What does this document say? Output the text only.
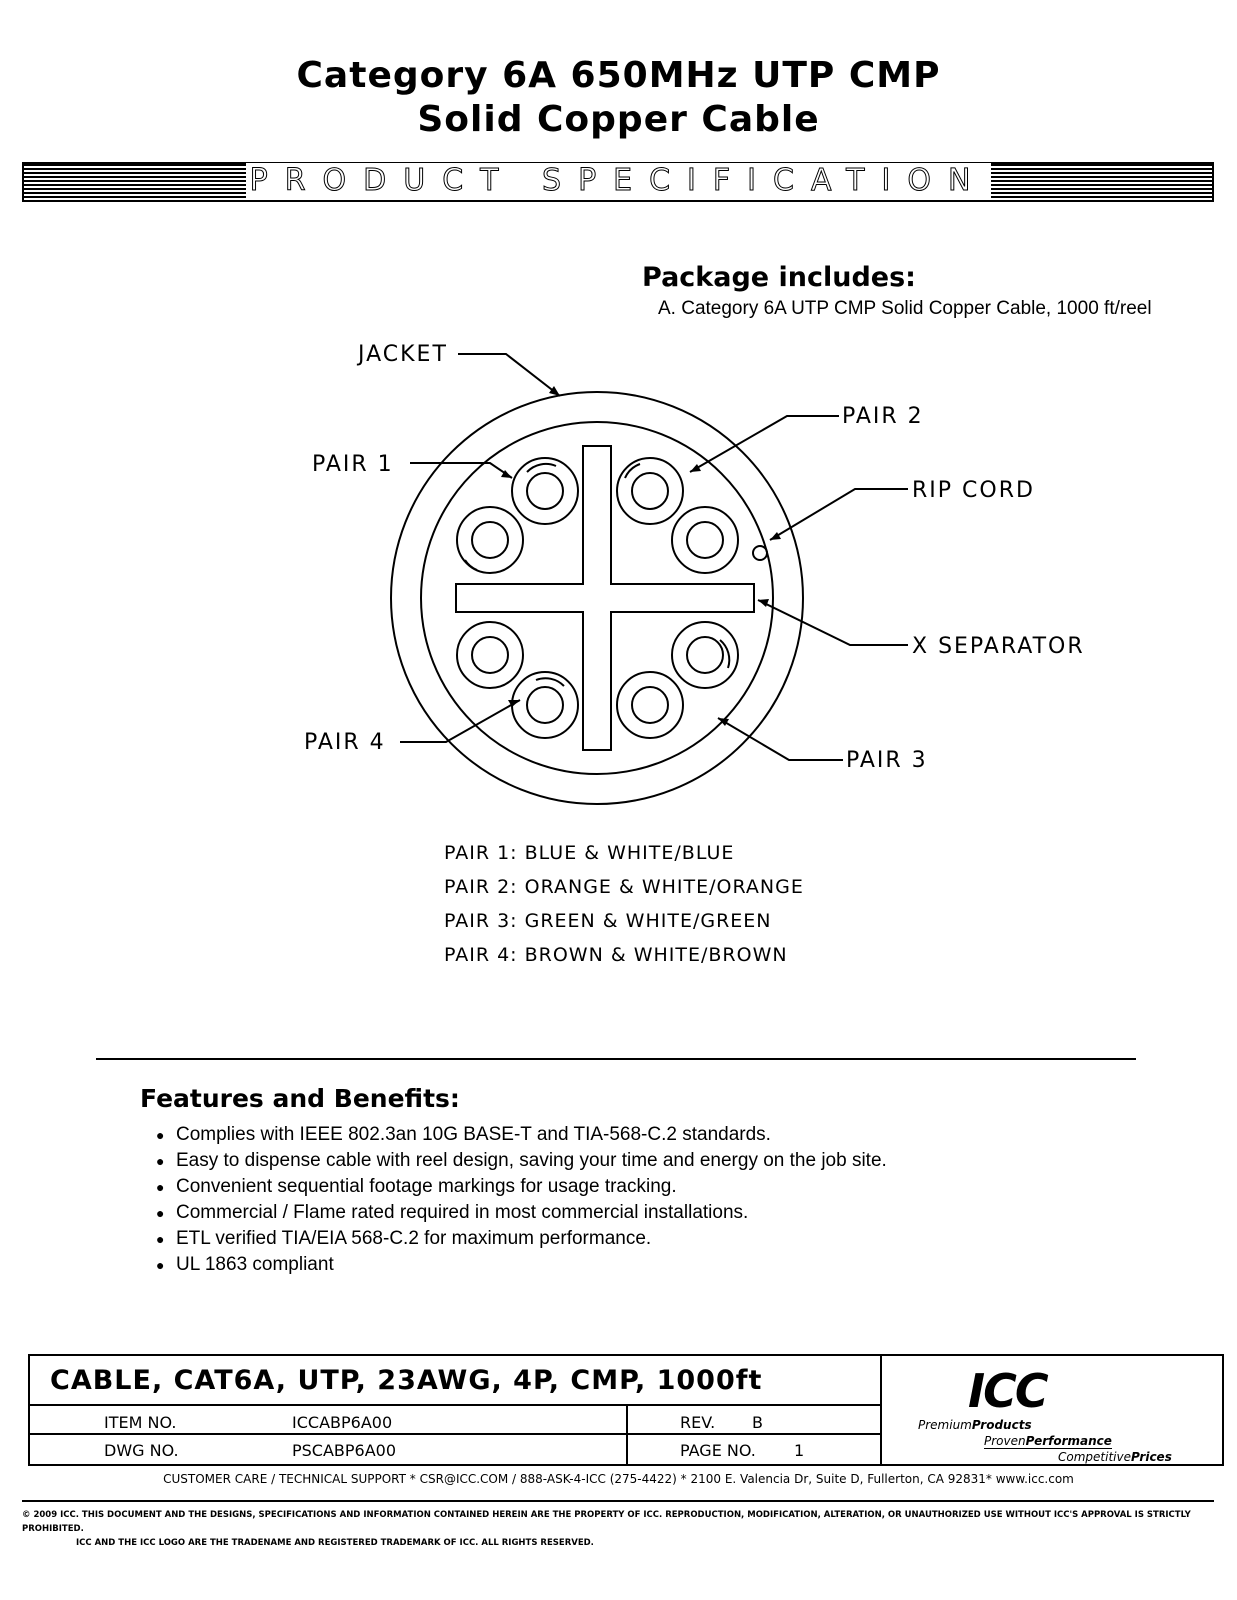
Category 6A 650MHz UTP CMP
Solid Copper Cable
PRODUCT SPECIFICATION
Package includes:
A. Category 6A UTP CMP Solid Copper Cable, 1000 ft/reel
JACKET
PAIR 1
PAIR 2
RIP CORD
X SEPARATOR
PAIR 4
PAIR 3
PAIR 1: BLUE & WHITE/BLUE
PAIR 2: ORANGE & WHITE/ORANGE
PAIR 3: GREEN & WHITE/GREEN
PAIR 4: BROWN & WHITE/BROWN
Features and Benefits:
● Complies with IEEE 802.3an 10G BASE-T and TIA-568-C.2 standards.
● Easy to dispense cable with reel design, saving your time and energy on the job site.
● Convenient sequential footage markings for usage tracking.
● Commercial / Flame rated required in most commercial installations.
● ETL verified TIA/EIA 568-C.2 for maximum performance.
● UL 1863 compliant
CABLE, CAT6A, UTP, 23AWG, 4P, CMP, 1000ft
ITEM NO.	ICCABP6A00
DWG NO.	PSCABP6A00
REV. B
PAGE NO. 1
ICC
PremiumProducts
ProvenPerformance
CompetitivePrices
CUSTOMER CARE / TECHNICAL SUPPORT * CSR@ICC.COM / 888-ASK-4-ICC (275-4422) * 2100 E. Valencia Dr, Suite D, Fullerton, CA 92831* www.icc.com
© 2009 ICC. THIS DOCUMENT AND THE DESIGNS, SPECIFICATIONS AND INFORMATION CONTAINED HEREIN ARE THE PROPERTY OF ICC. REPRODUCTION, MODIFICATION, ALTERATION, OR UNAUTHORIZED USE WITHOUT ICC'S APPROVAL IS STRICTLY PROHIBITED.
ICC AND THE ICC LOGO ARE THE TRADENAME AND REGISTERED TRADEMARK OF ICC. ALL RIGHTS RESERVED.
